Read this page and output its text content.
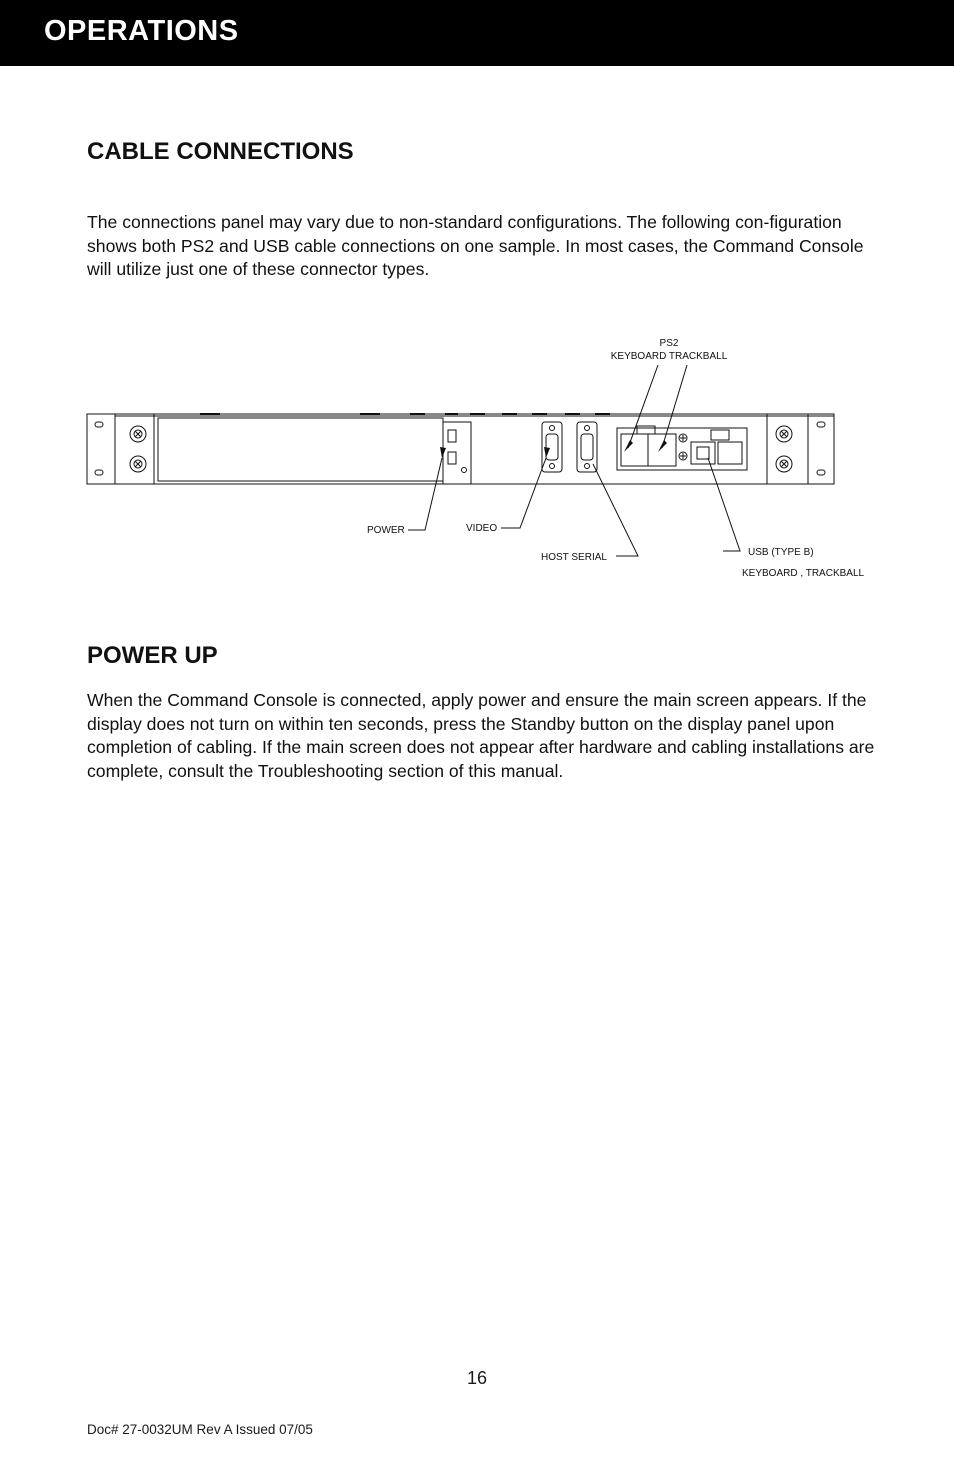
OPERATIONS
CABLE CONNECTIONS

The connections panel may vary due to non-standard configurations. The following con-figuration shows both PS2 and USB cable connections on one sample. In most cases, the Command Console will utilize just one of these connector types.

PS2
KEYBOARD TRACKBALL
POWER	VIDEO
HOST SERIAL	USB (TYPE B)
KEYBOARD , TRACKBALL
POWER UP

When the Command Console is connected, apply power and ensure the main screen appears. If the display does not turn on within ten seconds, press the Standby button on the display panel upon completion of cabling. If the main screen does not appear after hardware and cabling installations are complete, consult the Troubleshooting section of this manual.

16
Doc# 27-0032UM Rev A Issued 07/05
